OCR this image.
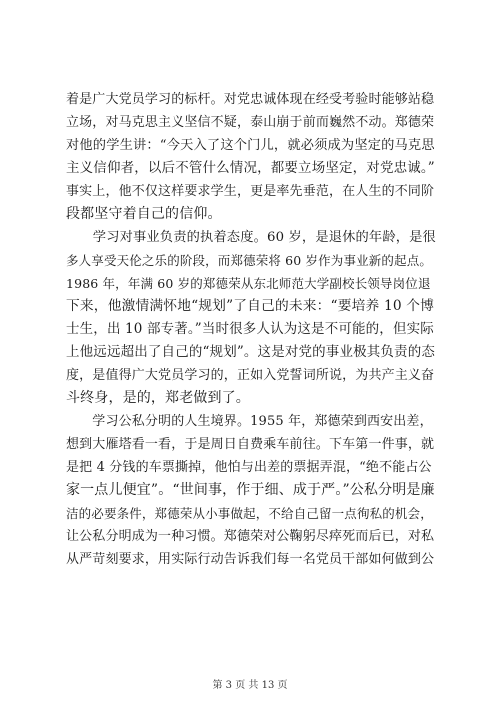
着是广大党员学习的标杆。对党忠诚体现在经受考验时能够站稳
立场，对马克思主义坚信不疑，泰山崩于前而巍然不动。郑德荣
对他的学生讲：“今天入了这个门儿，就必须成为坚定的马克思
主义信仰者，以后不管什么情况，都要立场坚定，对党忠诚。”
事实上，他不仅这样要求学生，更是率先垂范，在人生的不同阶
段都坚守着自己的信仰。
　　学习对事业负责的执着态度。60 岁，是退休的年龄，是很
多人享受天伦之乐的阶段，而郑德荣将 60 岁作为事业新的起点。
1986 年，年满 60 岁的郑德荣从东北师范大学副校长领导岗位退
下来，他激情满怀地“规划”了自己的未来：“要培养 10 个博
士生，出 10 部专著。”当时很多人认为这是不可能的，但实际
上他远远超出了自己的“规划”。这是对党的事业极其负责的态
度，是值得广大党员学习的，正如入党誓词所说，为共产主义奋
斗终身，是的，郑老做到了。
　　学习公私分明的人生境界。1955 年，郑德荣到西安出差，
想到大雁塔看一看，于是周日自费乘车前往。下车第一件事，就
是把 4 分钱的车票撕掉，他怕与出差的票据弄混，“绝不能占公
家一点儿便宜”。“世间事，作于细、成于严。”公私分明是廉
洁的必要条件，郑德荣从小事做起，不给自己留一点徇私的机会，
让公私分明成为一种习惯。郑德荣对公鞠躬尽瘁死而后已，对私
从严苛刻要求，用实际行动告诉我们每一名党员干部如何做到公
第 3 页 共 13 页
